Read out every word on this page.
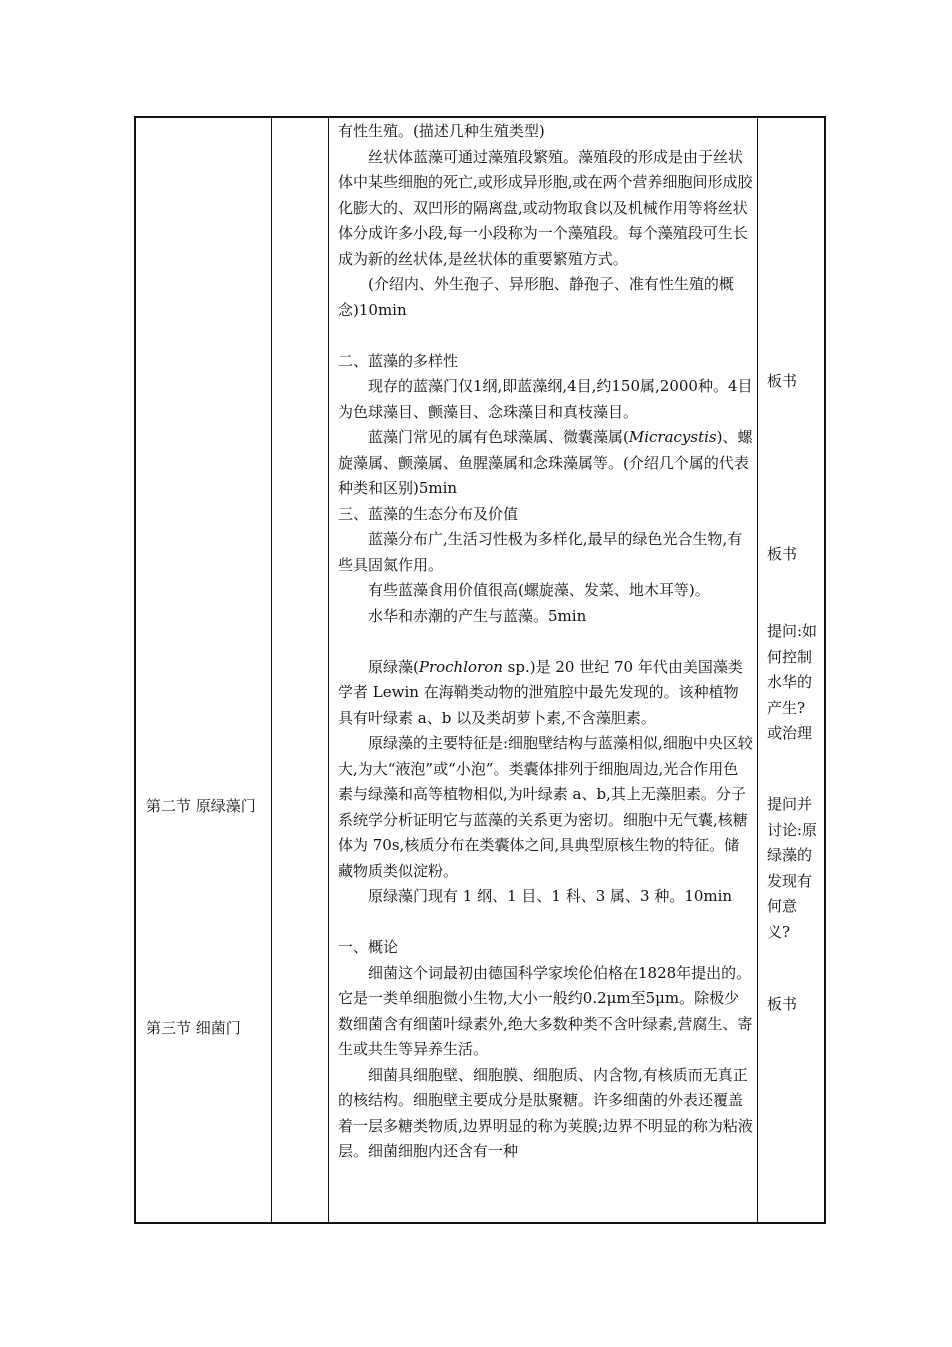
第二节 原绿藻门

第三节 细菌门

有性生殖。(描述几种生殖类型)

丝状体蓝藻可通过藻殖段繁殖。藻殖段的形成是由于丝状体中某些细胞的死亡,或形成异形胞,或在两个营养细胞间形成胶化膨大的、双凹形的隔离盘,或动物取食以及机械作用等将丝状体分成许多小段,每一小段称为一个藻殖段。每个藻殖段可生长成为新的丝状体,是丝状体的重要繁殖方式。

(介绍内、外生孢子、异形胞、静孢子、准有性生殖的概念)10min

二、蓝藻的多样性

现存的蓝藻门仅1纲,即蓝藻纲,4目,约150属,2000种。4目为色球藻目、颤藻目、念珠藻目和真枝藻目。

蓝藻门常见的属有色球藻属、微囊藻属(Micracystis)、螺旋藻属、颤藻属、鱼腥藻属和念珠藻属等。(介绍几个属的代表种类和区别)5min

三、蓝藻的生态分布及价值

蓝藻分布广,生活习性极为多样化,最早的绿色光合生物,有些具固氮作用。

有些蓝藻食用价值很高(螺旋藻、发菜、地木耳等)。

水华和赤潮的产生与蓝藻。5min

原绿藻(Prochloron sp.)是 20 世纪 70 年代由美国藻类学者 Lewin 在海鞘类动物的泄殖腔中最先发现的。该种植物具有叶绿素 a、b 以及类胡萝卜素,不含藻胆素。

原绿藻的主要特征是:细胞壁结构与蓝藻相似,细胞中央区较大,为大“液泡”或“小泡”。类囊体排列于细胞周边,光合作用色素与绿藻和高等植物相似,为叶绿素 a、b,其上无藻胆素。分子系统学分析证明它与蓝藻的关系更为密切。细胞中无气囊,核糖体为 70s,核质分布在类囊体之间,具典型原核生物的特征。储藏物质类似淀粉。

原绿藻门现有 1 纲、1 目、1 科、3 属、3 种。10min

一、概论

细菌这个词最初由德国科学家埃伦伯格在1828年提出的。它是一类单细胞微小生物,大小一般约0.2μm至5μm。除极少数细菌含有细菌叶绿素外,绝大多数种类不含叶绿素,营腐生、寄生或共生等异养生活。

细菌具细胞壁、细胞膜、细胞质、内含物,有核质而无真正的核结构。细胞壁主要成分是肽聚糖。许多细菌的外表还覆盖着一层多糖类物质,边界明显的称为荚膜;边界不明显的称为粘液层。细菌细胞内还含有一种

板书

板书

提问:如何控制水华的产生?或治理

提问并讨论:原绿藻的发现有何意义?

板书
